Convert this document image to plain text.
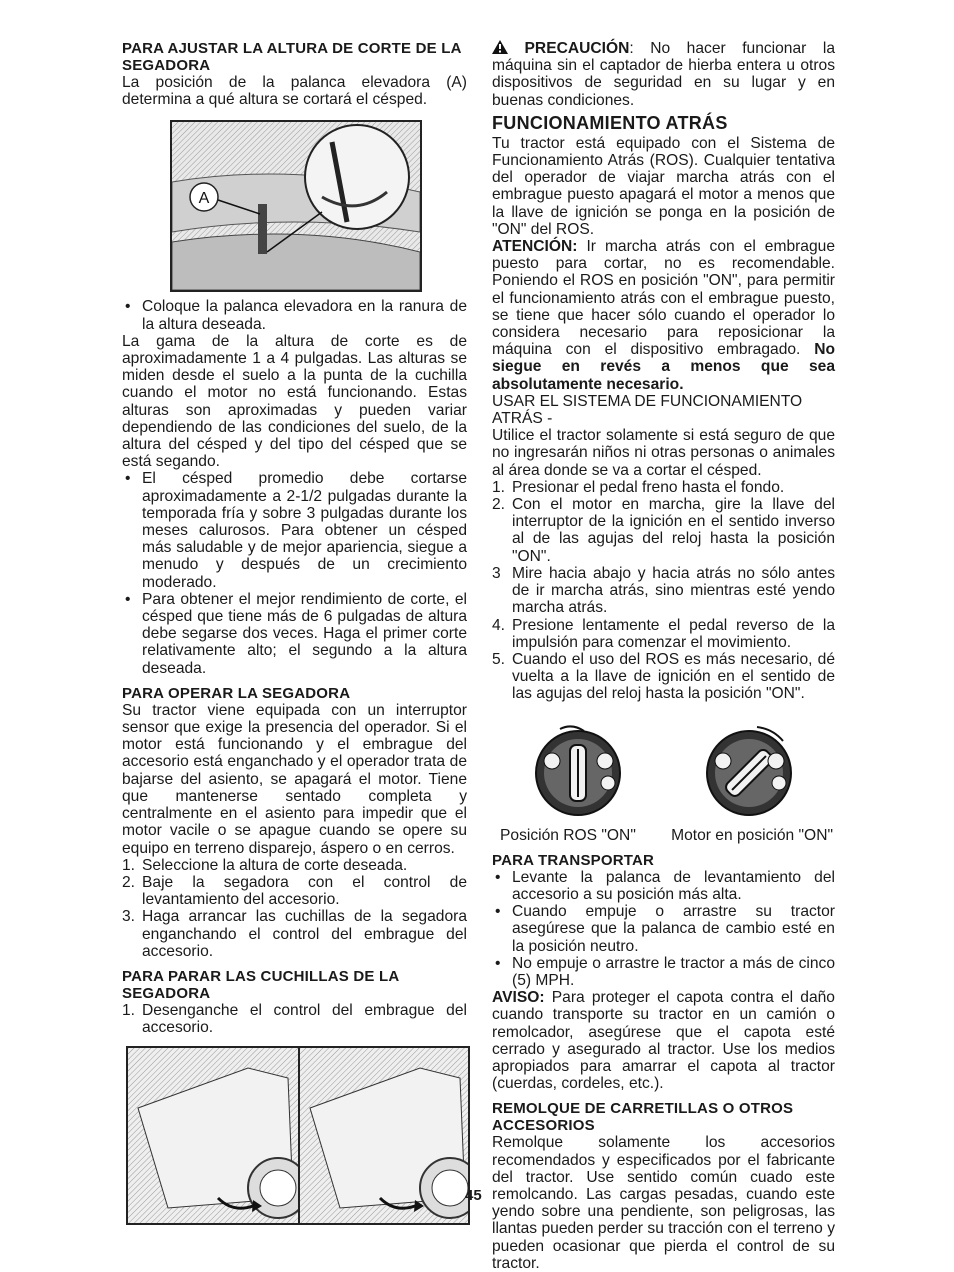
PARA AJUSTAR LA ALTURA DE CORTE DE LA SEGADORA

La posición de la palanca elevadora (A) determina a qué altura se cortará el césped.

A
• Coloque la palanca elevadora en la ranura de la altura deseada.

La gama de la altura de corte es de aproximadamente 1 a 4 pulgadas. Las alturas se miden desde el suelo a la punta de la cuchilla cuando el motor no está funcionando. Estas alturas son aproximadas y pueden variar dependiendo de las condiciones del suelo, de la altura del césped y del tipo del césped que se está segando.

• El césped promedio debe cortarse aproximadamente a 2-1/2 pulgadas durante la temporada fría y sobre 3 pulgadas durante los meses calurosos. Para obtener un césped más saludable y de mejor apariencia, siegue a menudo y después de un crecimiento moderado.
• Para obtener el mejor rendimiento de corte, el césped que tiene más de 6 pulgadas de altura debe segarse dos veces. Haga el primer corte relativamente alto; el segundo a la altura deseada.
PARA OPERAR LA SEGADORA

Su tractor viene equipada con un interruptor sensor que exige la presencia del operador. Si el motor está funcionando y el embrague del accesorio está enganchado y el operador trata de bajarse del asiento, se apagará el motor. Tiene que mantenerse sentado completa y centralmente en el asiento para impedir que el motor vacile o se apague cuando se opere su equipo en terreno disparejo, áspero o en cerros.

1. Seleccione la altura de corte deseada.
2. Baje la segadora con el control de levantamiento del accesorio.
3. Haga arrancar las cuchillas de la segadora enganchando el control del embrague del accesorio.
PARA PARAR LAS CUCHILLAS DE LA SEGADORA
1. Desenganche el control del embrague del accesorio.

PRECAUCIÓN: No hacer funcionar la máquina sin el captador de hierba entera u otros dispositivos de seguridad en su lugar y en buenas condiciones.

FUNCIONAMIENTO ATRÁS

Tu tractor está equipado con el Sistema de Funcionamiento Atrás (ROS). Cualquier tentativa del operador de viajar marcha atrás con el embrague puesto apagará el motor a menos que la llave de ignición se ponga en la posición de "ON" del ROS.

ATENCIÓN: Ir marcha atrás con el embrague puesto para cortar, no es recomendable. Poniendo el ROS en posición "ON", para permitir el funcionamiento atrás con el embrague puesto, se tiene que hacer sólo cuando el operador lo considera necesario para reposicionar la máquina con el dispositivo embragado. No siegue en revés a menos que sea absolutamente necesario.

USAR EL SISTEMA DE FUNCIONAMIENTO ATRÁS -

Utilice el tractor solamente si está seguro de que no ingresarán niños ni otras personas o animales al área donde se va a cortar el césped.

1. Presionar el pedal freno hasta el fondo.
2. Con el motor en marcha, gire la llave del interruptor de la ignición en el sentido inverso al de las agujas del reloj hasta la posición "ON".
3 Mire hacia abajo y hacia atrás no sólo antes de ir marcha atrás, sino mientras esté yendo marcha atrás.
4. Presione lentamente el pedal reverso de la impulsión para comenzar el movimiento.
5. Cuando el uso del ROS es más necesario, dé vuelta a la llave de ignición en el sentido de las agujas del reloj hasta la posición "ON".
Posición ROS "ON" Motor en posición "ON"
PARA TRANSPORTAR
• Levante la palanca de levantamiento del accesorio a su posición más alta.
• Cuando empuje o arrastre su tractor asegúrese que la palanca de cambio esté en la posición neutro.
• No empuje o arrastre le tractor a más de cinco (5) MPH.

AVISO: Para proteger el capota contra el daño cuando transporte su tractor en un camión o remolcador, asegúrese que el capota esté cerrado y asegurado al tractor. Use los medios apropiados para amarrar el capota al tractor (cuerdas, cordeles, etc.).

REMOLQUE DE CARRETILLAS O OTROS ACCESORIOS

Remolque solamente los accesorios recomendados y especificados por el fabricante del tractor. Use sentido común cuado este remolcando. Las cargas pesadas, cuando este yendo sobre una pendiente, son peligrosas, las llantas pueden perder su tracción con el terreno y pueden ocasionar que pierda el control de su tractor.

45
